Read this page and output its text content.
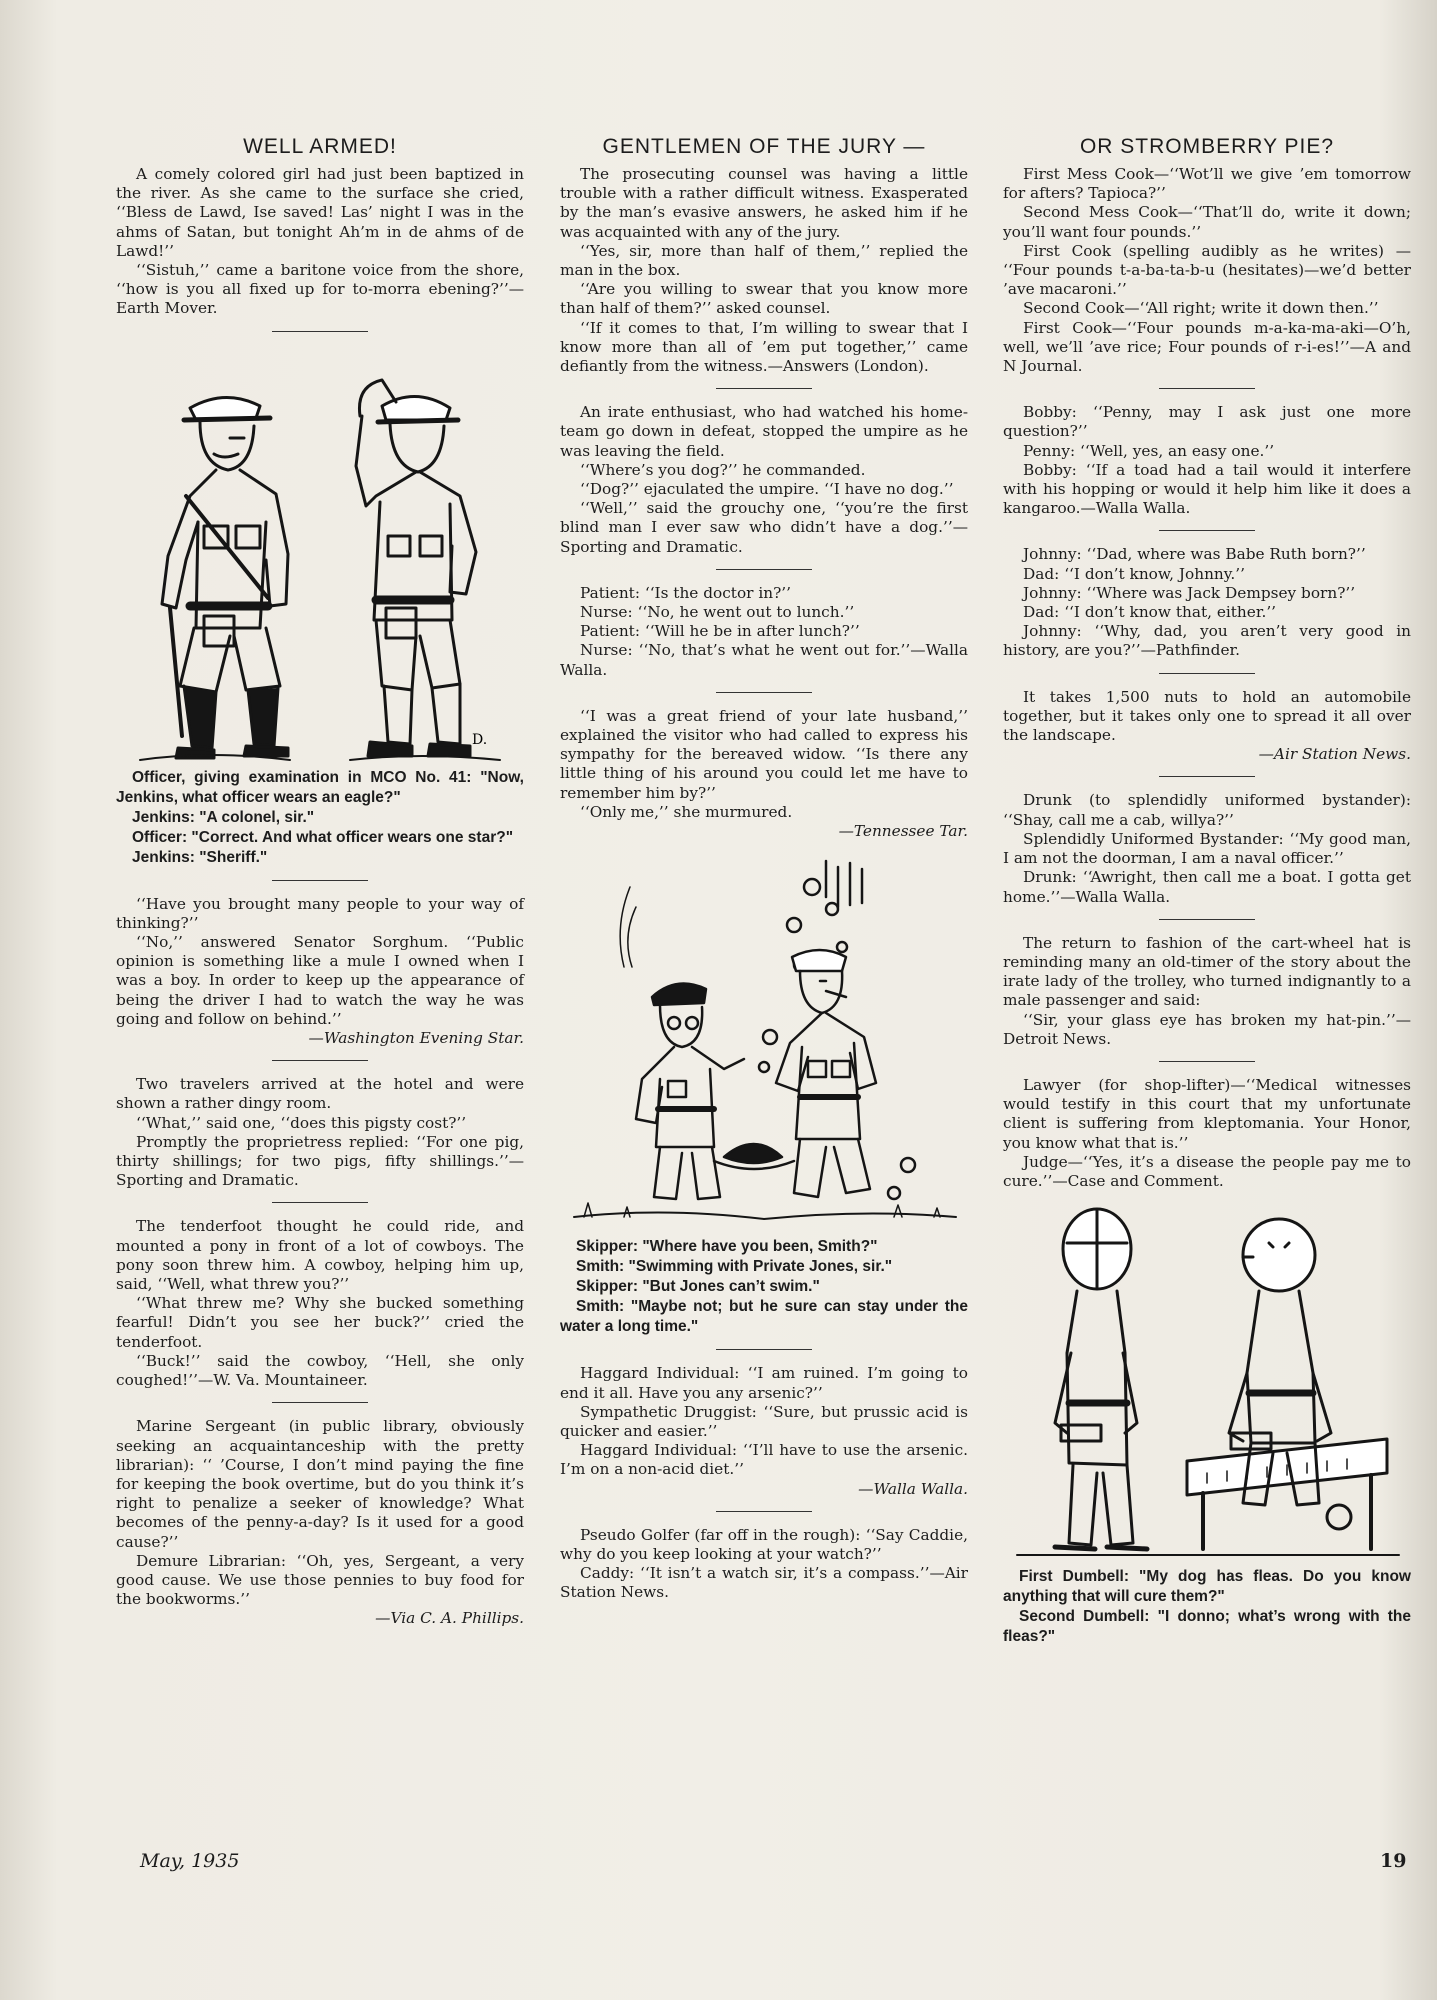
WELL ARMED!

A comely colored girl had just been baptized in the river. As she came to the surface she cried, ‘‘Bless de Lawd, Ise saved! Las’ night I was in the ahms of Satan, but tonight Ah’m in de ahms of de Lawd!’’

‘‘Sistuh,’’ came a baritone voice from the shore, ‘‘how is you all fixed up for to-morra ebening?’’—Earth Mover.

D.

Officer, giving examination in MCO No. 41: "Now, Jenkins, what officer wears an eagle?"

Jenkins: "A colonel, sir."

Officer: "Correct. And what officer wears one star?"

Jenkins: "Sheriff."

‘‘Have you brought many people to your way of thinking?’’

‘‘No,’’ answered Senator Sorghum. ‘‘Public opinion is something like a mule I owned when I was a boy. In order to keep up the appearance of being the driver I had to watch the way he was going and follow on behind.’’

—Washington Evening Star.

Two travelers arrived at the hotel and were shown a rather dingy room.

‘‘What,’’ said one, ‘‘does this pigsty cost?’’

Promptly the proprietress replied: ‘‘For one pig, thirty shillings; for two pigs, fifty shillings.’’—Sporting and Dramatic.

The tenderfoot thought he could ride, and mounted a pony in front of a lot of cowboys. The pony soon threw him. A cowboy, helping him up, said, ‘‘Well, what threw you?’’

‘‘What threw me? Why she bucked something fearful! Didn’t you see her buck?’’ cried the tenderfoot.

‘‘Buck!’’ said the cowboy, ‘‘Hell, she only coughed!’’—W. Va. Mountaineer.

Marine Sergeant (in public library, obviously seeking an acquaintanceship with the pretty librarian): ‘‘ ’Course, I don’t mind paying the fine for keeping the book overtime, but do you think it’s right to penalize a seeker of knowledge? What becomes of the penny-a-day? Is it used for a good cause?’’

Demure Librarian: ‘‘Oh, yes, Sergeant, a very good cause. We use those pennies to buy food for the bookworms.’’

—Via C. A. Phillips.

GENTLEMEN OF THE JURY —

The prosecuting counsel was having a little trouble with a rather difficult witness. Exasperated by the man’s evasive answers, he asked him if he was acquainted with any of the jury.

‘‘Yes, sir, more than half of them,’’ replied the man in the box.

‘‘Are you willing to swear that you know more than half of them?’’ asked counsel.

‘‘If it comes to that, I’m willing to swear that I know more than all of ’em put together,’’ came defiantly from the witness.—Answers (London).

An irate enthusiast, who had watched his home-team go down in defeat, stopped the umpire as he was leaving the field.

‘‘Where’s you dog?’’ he commanded.

‘‘Dog?’’ ejaculated the umpire. ‘‘I have no dog.’’

‘‘Well,’’ said the grouchy one, ‘‘you’re the first blind man I ever saw who didn’t have a dog.’’—Sporting and Dramatic.

Patient: ‘‘Is the doctor in?’’

Nurse: ‘‘No, he went out to lunch.’’

Patient: ‘‘Will he be in after lunch?’’

Nurse: ‘‘No, that’s what he went out for.’’—Walla Walla.

‘‘I was a great friend of your late husband,’’ explained the visitor who had called to express his sympathy for the bereaved widow. ‘‘Is there any little thing of his around you could let me have to remember him by?’’

‘‘Only me,’’ she murmured.

—Tennessee Tar.

Skipper: "Where have you been, Smith?"

Smith: "Swimming with Private Jones, sir."

Skipper: "But Jones can’t swim."

Smith: "Maybe not; but he sure can stay under the water a long time."

Haggard Individual: ‘‘I am ruined. I’m going to end it all. Have you any arsenic?’’

Sympathetic Druggist: ‘‘Sure, but prussic acid is quicker and easier.’’

Haggard Individual: ‘‘I’ll have to use the arsenic. I’m on a non-acid diet.’’

—Walla Walla.

Pseudo Golfer (far off in the rough): ‘‘Say Caddie, why do you keep looking at your watch?’’

Caddy: ‘‘It isn’t a watch sir, it’s a compass.’’—Air Station News.

OR STROMBERRY PIE?

First Mess Cook—‘‘Wot’ll we give ’em tomorrow for afters? Tapioca?’’

Second Mess Cook—‘‘That’ll do, write it down; you’ll want four pounds.’’

First Cook (spelling audibly as he writes) — ‘‘Four pounds t-a-ba-ta-b-u (hesitates)—we’d better ’ave macaroni.’’

Second Cook—‘‘All right; write it down then.’’

First Cook—‘‘Four pounds m-a-ka-ma-aki—O’h, well, we’ll ’ave rice; Four pounds of r-i-es!’’—A and N Journal.

Bobby: ‘‘Penny, may I ask just one more question?’’

Penny: ‘‘Well, yes, an easy one.’’

Bobby: ‘‘If a toad had a tail would it interfere with his hopping or would it help him like it does a kangaroo.—Walla Walla.

Johnny: ‘‘Dad, where was Babe Ruth born?’’

Dad: ‘‘I don’t know, Johnny.’’

Johnny: ‘‘Where was Jack Dempsey born?’’

Dad: ‘‘I don’t know that, either.’’

Johnny: ‘‘Why, dad, you aren’t very good in history, are you?’’—Pathfinder.

It takes 1,500 nuts to hold an automobile together, but it takes only one to spread it all over the landscape.

—Air Station News.

Drunk (to splendidly uniformed bystander): ‘‘Shay, call me a cab, willya?’’

Splendidly Uniformed Bystander: ‘‘My good man, I am not the doorman, I am a naval officer.’’

Drunk: ‘‘Awright, then call me a boat. I gotta get home.’’—Walla Walla.

The return to fashion of the cart-wheel hat is reminding many an old-timer of the story about the irate lady of the trolley, who turned indignantly to a male passenger and said:

‘‘Sir, your glass eye has broken my hat-pin.’’—Detroit News.

Lawyer (for shop-lifter)—‘‘Medical witnesses would testify in this court that my unfortunate client is suffering from kleptomania. Your Honor, you know what that is.’’

Judge—‘‘Yes, it’s a disease the people pay me to cure.’’—Case and Comment.

First Dumbell: "My dog has fleas. Do you know anything that will cure them?"

Second Dumbell: "I donno; what’s wrong with the fleas?"

May, 1935	19
